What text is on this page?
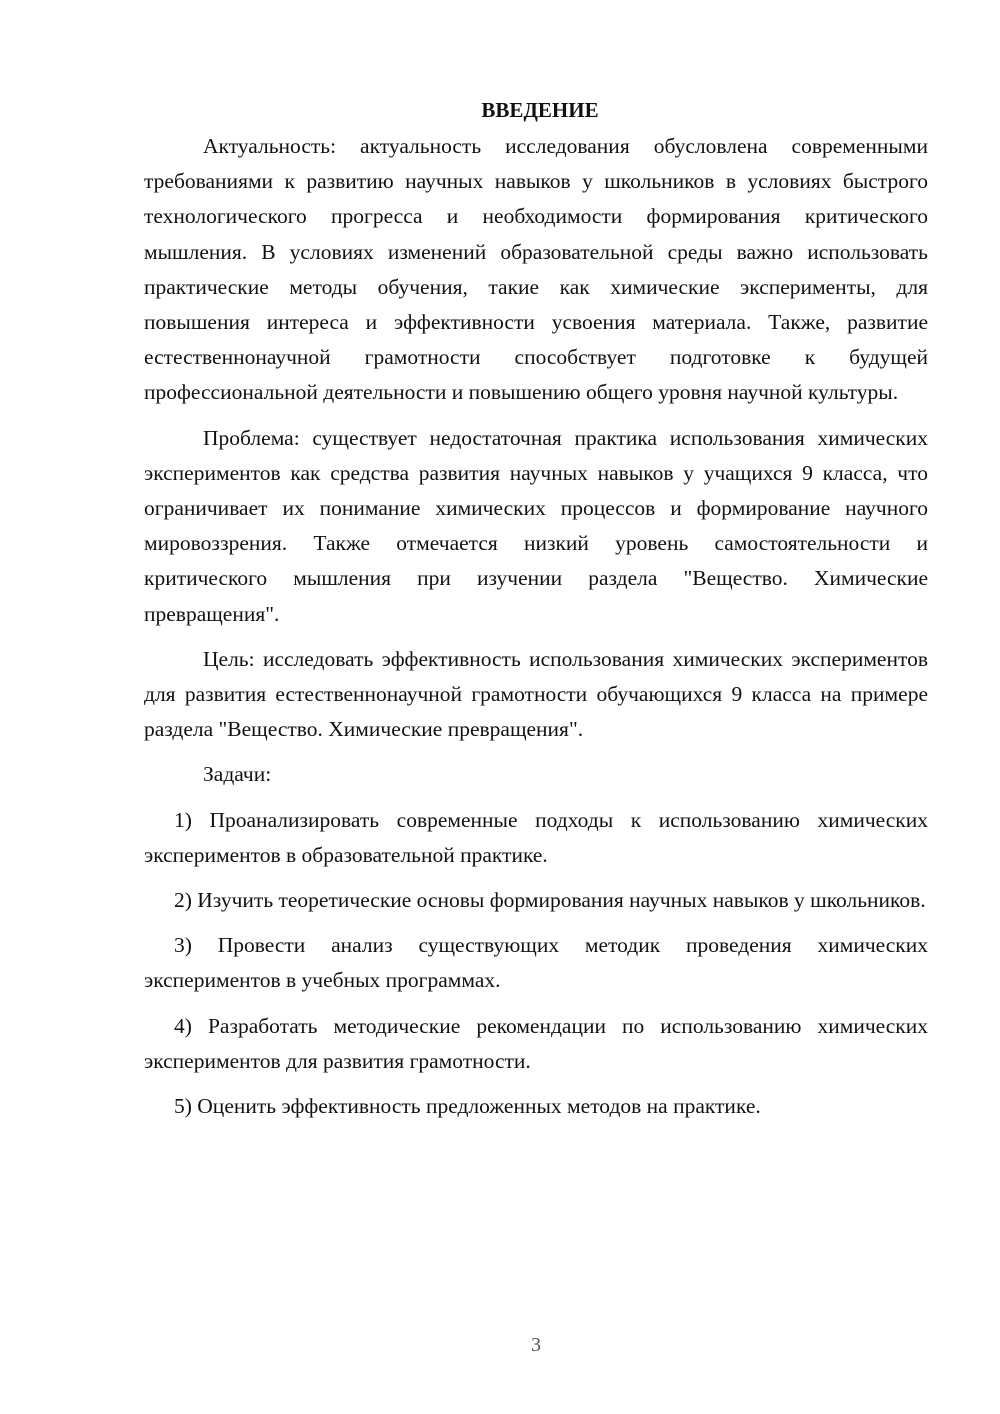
ВВЕДЕНИЕ

Актуальность: актуальность исследования обусловлена современными требованиями к развитию научных навыков у школьников в условиях быстрого технологического прогресса и необходимости формирования критического мышления. В условиях изменений образовательной среды важно использовать практические методы обучения, такие как химические эксперименты, для повышения интереса и эффективности усвоения материала. Также, развитие естественнонаучной грамотности способствует подготовке к будущей профессиональной деятельности и повышению общего уровня научной культуры.

Проблема: существует недостаточная практика использования химических экспериментов как средства развития научных навыков у учащихся 9 класса, что ограничивает их понимание химических процессов и формирование научного мировоззрения. Также отмечается низкий уровень самостоятельности и критического мышления при изучении раздела "Вещество. Химические превращения".

Цель: исследовать эффективность использования химических экспериментов для развития естественнонаучной грамотности обучающихся 9 класса на примере раздела "Вещество. Химические превращения".

Задачи:

1) Проанализировать современные подходы к использованию химических экспериментов в образовательной практике.

2) Изучить теоретические основы формирования научных навыков у школьников.

3) Провести анализ существующих методик проведения химических экспериментов в учебных программах.

4) Разработать методические рекомендации по использованию химических экспериментов для развития грамотности.

5) Оценить эффективность предложенных методов на практике.

3
